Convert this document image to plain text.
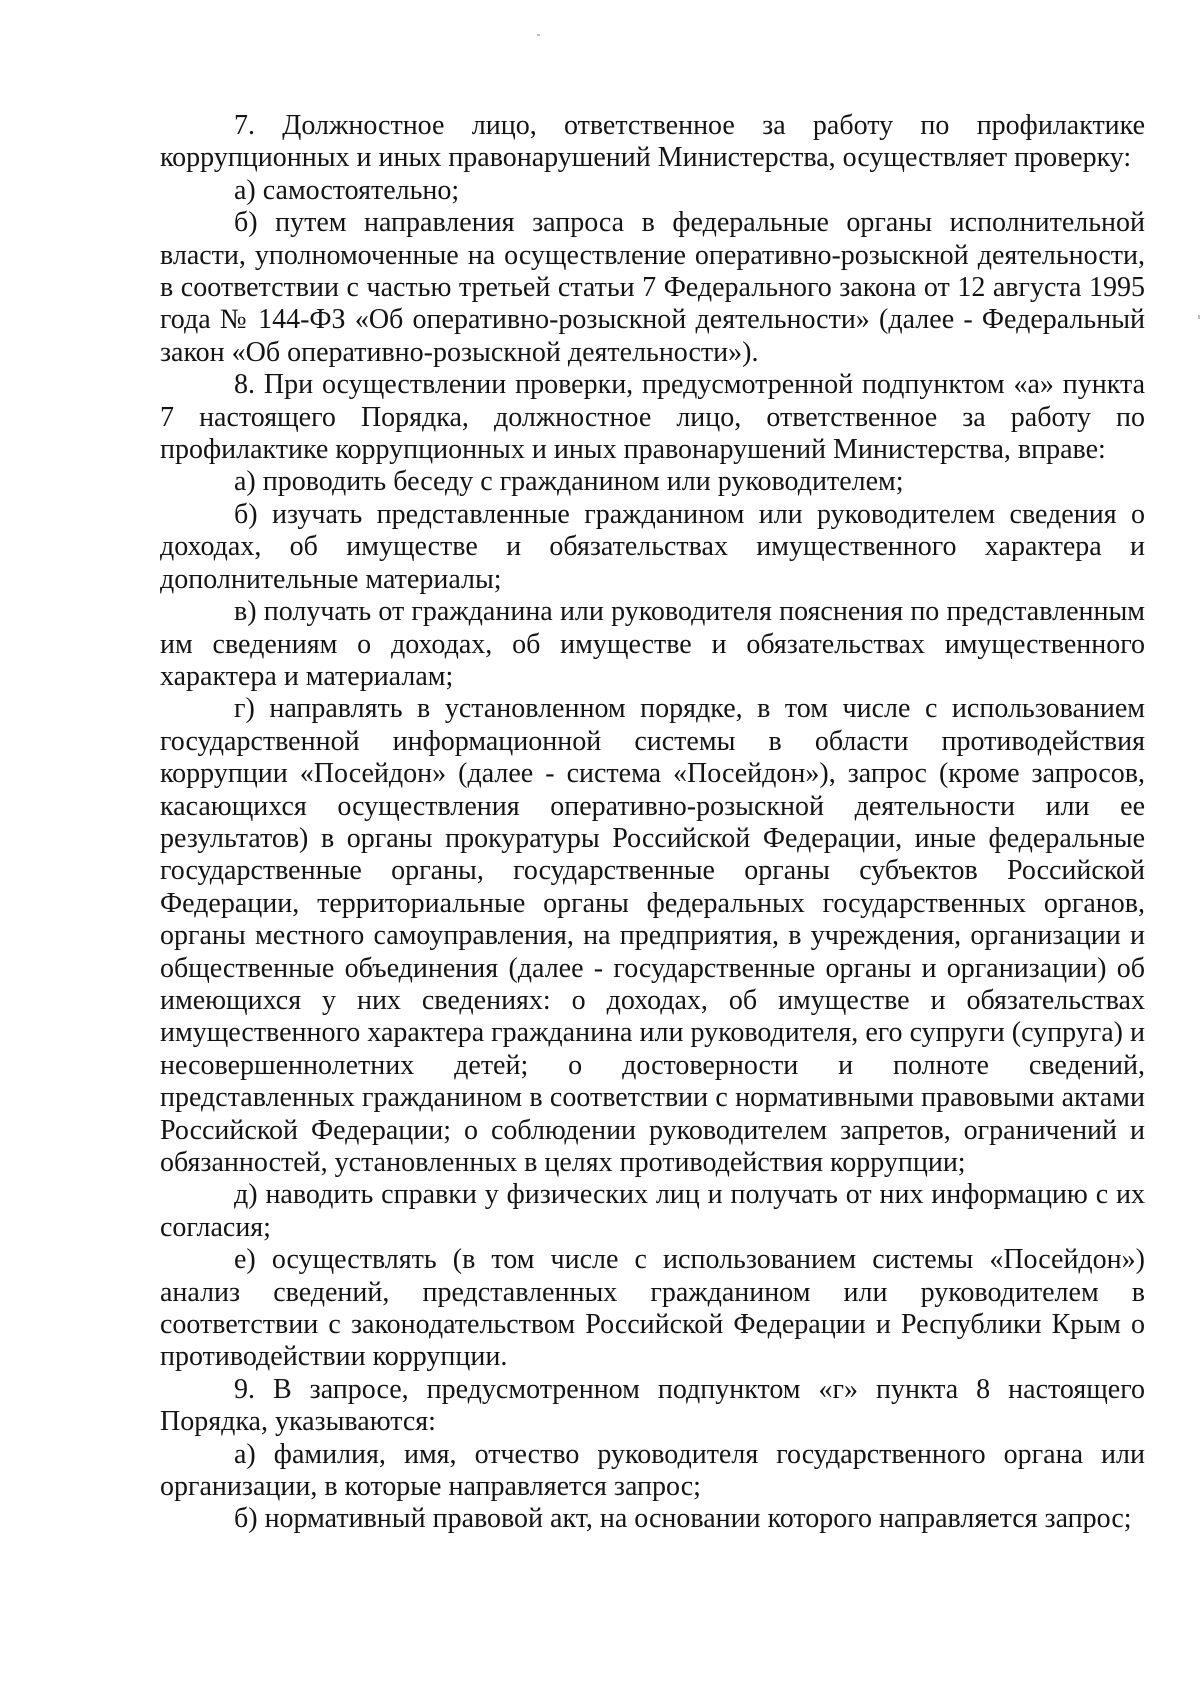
7. Должностное лицо, ответственное за работу по профилактике коррупционных и иных правонарушений Министерства, осуществляет проверку:

а) самостоятельно;

б) путем направления запроса в федеральные органы исполнительной власти, уполномоченные на осуществление оперативно-розыскной деятельности, в соответствии с частью третьей статьи 7 Федерального закона от 12 августа 1995 года № 144-ФЗ «Об оперативно-розыскной деятельности» (далее - Федеральный закон «Об оперативно-розыскной деятельности»).

8. При осуществлении проверки, предусмотренной подпунктом «а» пункта 7 настоящего Порядка, должностное лицо, ответственное за работу по профилактике коррупционных и иных правонарушений Министерства, вправе:

а) проводить беседу с гражданином или руководителем;

б) изучать представленные гражданином или руководителем сведения о доходах, об имуществе и обязательствах имущественного характера и дополнительные материалы;

в) получать от гражданина или руководителя пояснения по представленным им сведениям о доходах, об имуществе и обязательствах имущественного характера и материалам;

г) направлять в установленном порядке, в том числе с использованием государственной информационной системы в области противодействия коррупции «Посейдон» (далее - система «Посейдон»), запрос (кроме запросов, касающихся осуществления оперативно-розыскной деятельности или ее результатов) в органы прокуратуры Российской Федерации, иные федеральные государственные органы, государственные органы субъектов Российской Федерации, территориальные органы федеральных государственных органов, органы местного самоуправления, на предприятия, в учреждения, организации и общественные объединения (далее - государственные органы и организации) об имеющихся у них сведениях: о доходах, об имуществе и обязательствах имущественного характера гражданина или руководителя, его супруги (супруга) и несовершеннолетних детей; о достоверности и полноте сведений, представленных гражданином в соответствии с нормативными правовыми актами Российской Федерации; о соблюдении руководителем запретов, ограничений и обязанностей, установленных в целях противодействия коррупции;

д) наводить справки у физических лиц и получать от них информацию с их согласия;

е) осуществлять (в том числе с использованием системы «Посейдон») анализ сведений, представленных гражданином или руководителем в соответствии с законодательством Российской Федерации и Республики Крым о противодействии коррупции.

9. В запросе, предусмотренном подпунктом «г» пункта 8 настоящего Порядка, указываются:

а) фамилия, имя, отчество руководителя государственного органа или организации, в которые направляется запрос;

б) нормативный правовой акт, на основании которого направляется запрос;
